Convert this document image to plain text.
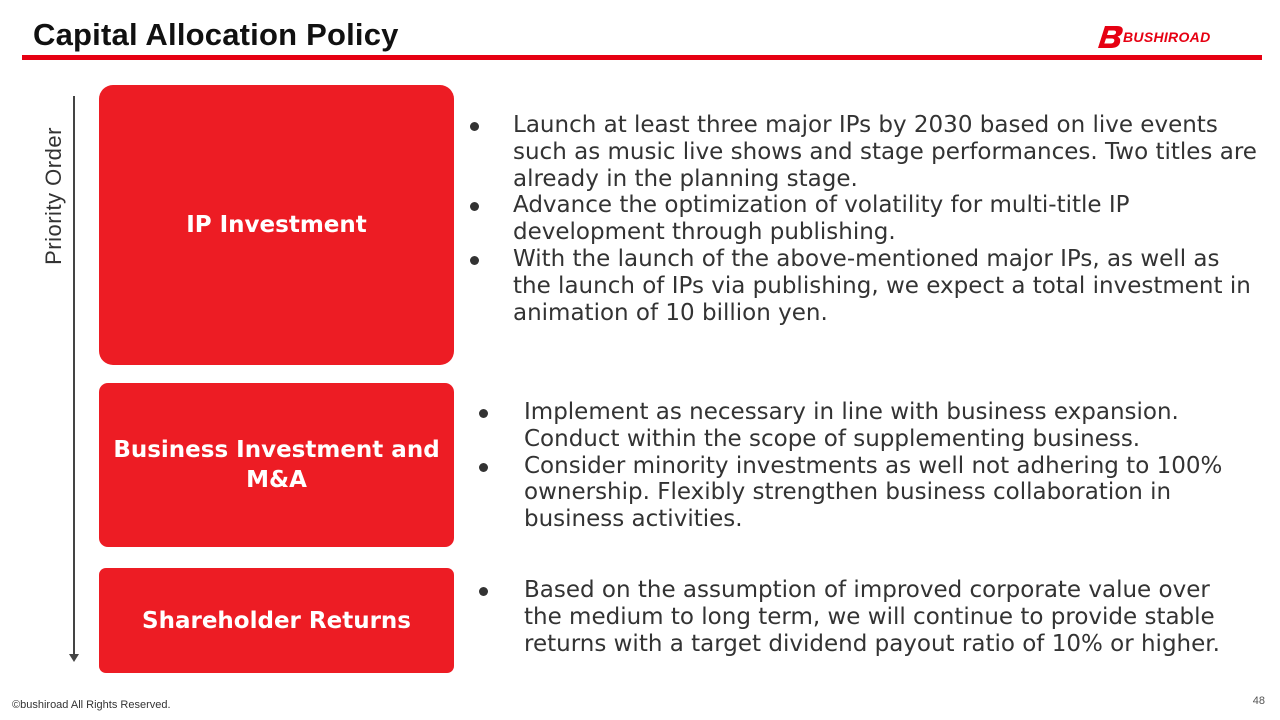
Capital Allocation Policy	BUSHIROAD
Priority Order	IP Investment
Launch at least three major IPs by 2030 based on live events such as music live shows and stage performances. Two titles are already in the planning stage.
Advance the optimization of volatility for multi-title IP development through publishing.
With the launch of the above-mentioned major IPs, as well as the launch of IPs via publishing, we expect a total investment in animation of 10 billion yen.
Business Investment and M&A
Implement as necessary in line with business expansion. Conduct within the scope of supplementing business.
Consider minority investments as well not adhering to 100% ownership. Flexibly strengthen business collaboration in business activities.
Shareholder Returns
Based on the assumption of improved corporate value over the medium to long term, we will continue to provide stable returns with a target dividend payout ratio of 10% or higher.
©bushiroad All Rights Reserved.	48
